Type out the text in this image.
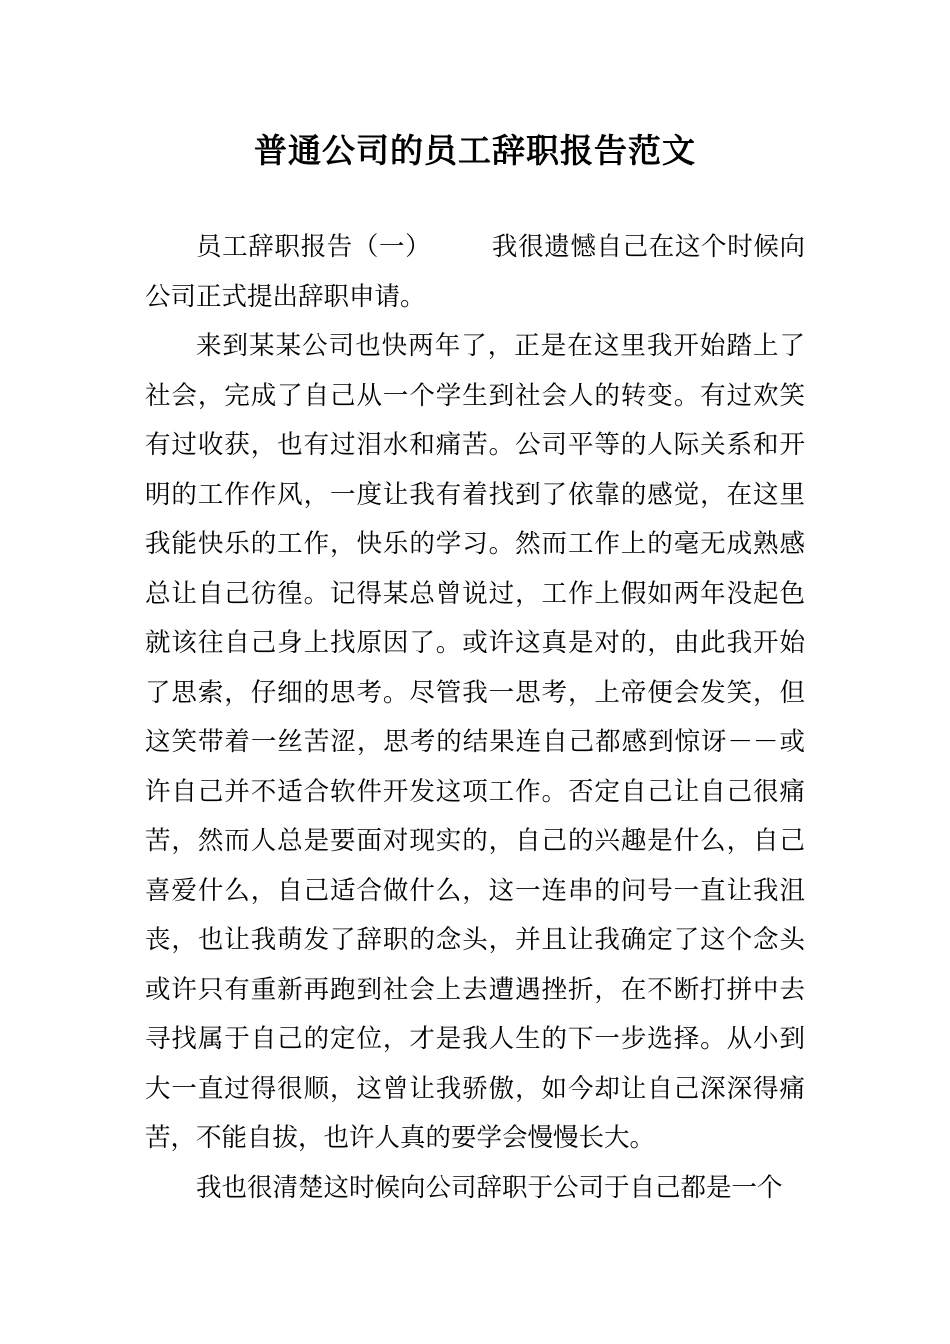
普通公司的员工辞职报告范文

员工辞职报告（一） 我很遗憾自己在这个时候向公司正式提出辞职申请。

来到某某公司也快两年了，正是在这里我开始踏上了社会，完成了自己从一个学生到社会人的转变。有过欢笑有过收获，也有过泪水和痛苦。公司平等的人际关系和开明的工作作风，一度让我有着找到了依靠的感觉，在这里我能快乐的工作，快乐的学习。然而工作上的毫无成熟感总让自己彷徨。记得某总曾说过，工作上假如两年没起色就该往自己身上找原因了。或许这真是对的，由此我开始了思索，仔细的思考。尽管我一思考，上帝便会发笑，但这笑带着一丝苦涩，思考的结果连自己都感到惊讶－－或许自己并不适合软件开发这项工作。否定自己让自己很痛苦，然而人总是要面对现实的，自己的兴趣是什么，自己喜爱什么，自己适合做什么，这一连串的问号一直让我沮丧，也让我萌发了辞职的念头，并且让我确定了这个念头或许只有重新再跑到社会上去遭遇挫折，在不断打拼中去寻找属于自己的定位，才是我人生的下一步选择。从小到大一直过得很顺，这曾让我骄傲，如今却让自己深深得痛苦，不能自拔，也许人真的要学会慢慢长大。

我也很清楚这时候向公司辞职于公司于自己都是一个
